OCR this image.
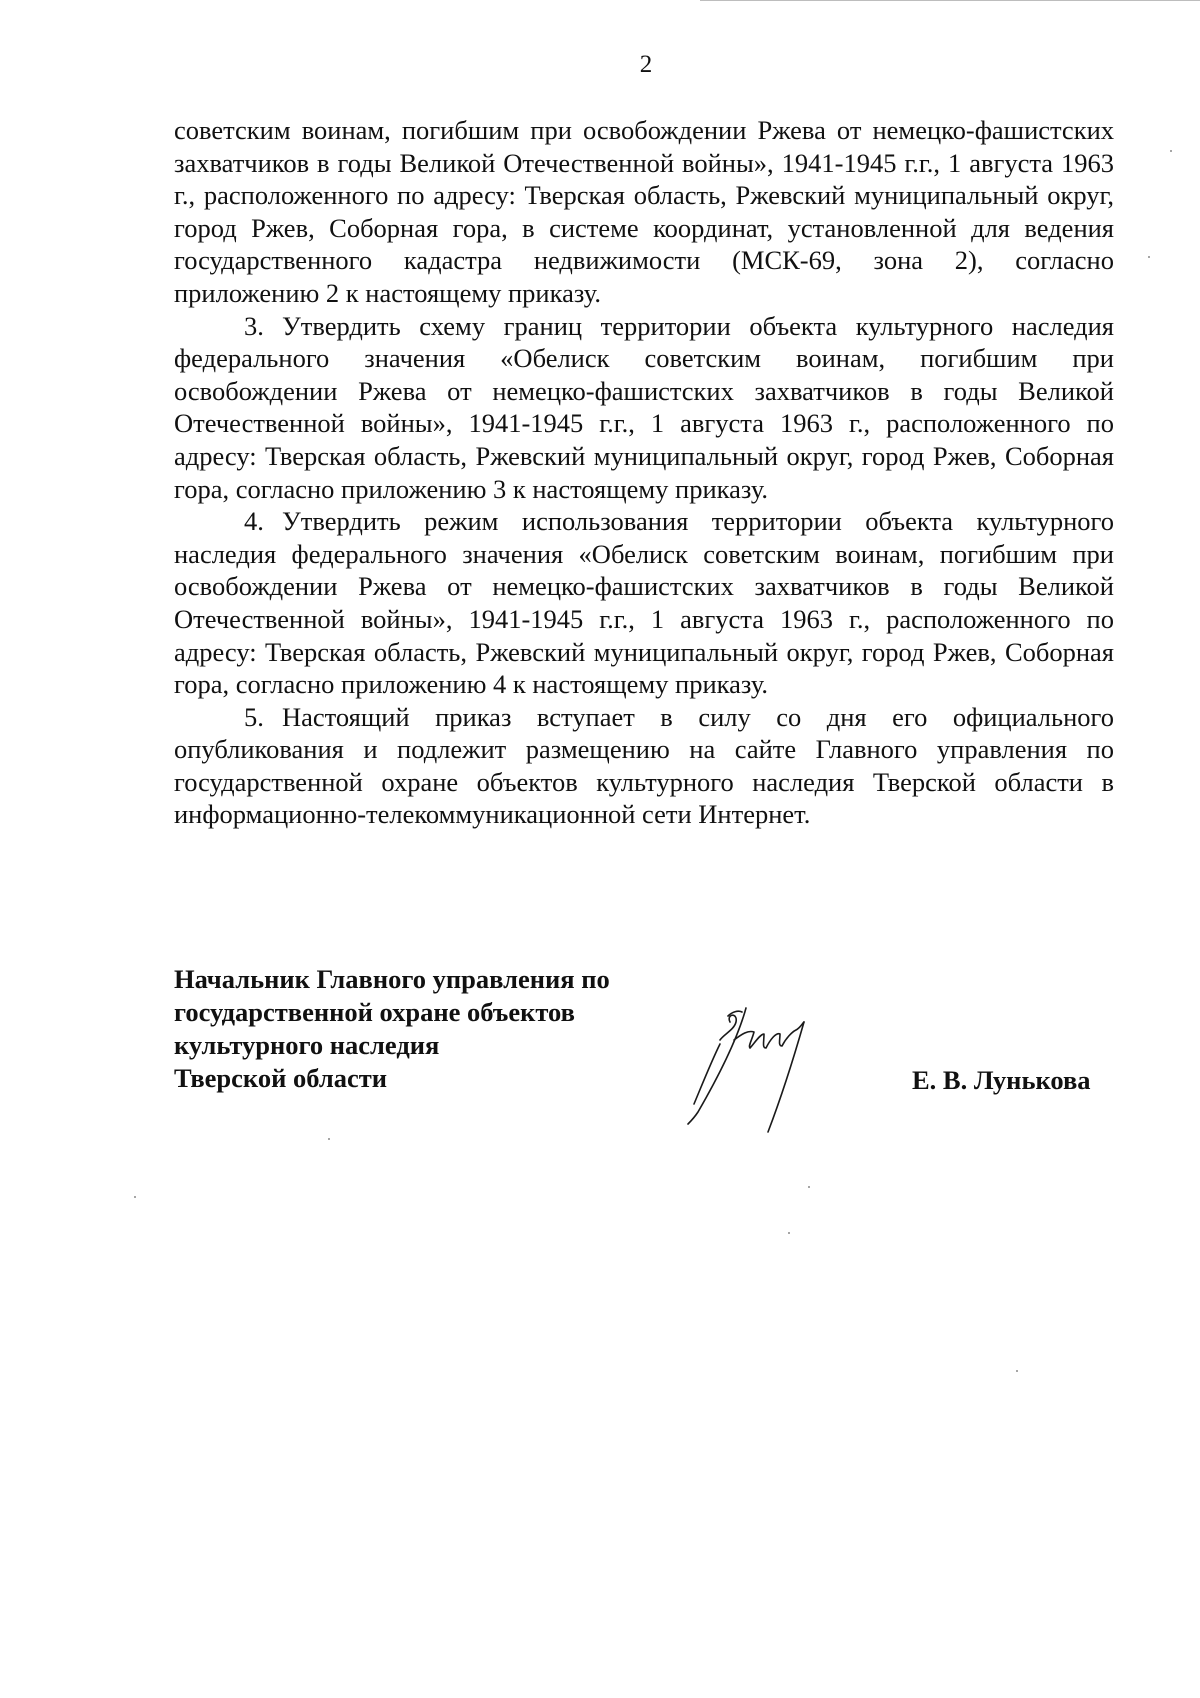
2

советским воинам, погибшим при освобождении Ржева от немецко-фашистских захватчиков в годы Великой Отечественной войны», 1941-1945 г.г., 1 августа 1963 г., расположенного по адресу: Тверская область, Ржевский муниципальный округ, город Ржев, Соборная гора, в системе координат, установленной для ведения государственного кадастра недвижимости (МСК-69, зона 2), согласно приложению 2 к настоящему приказу.

3. Утвердить схему границ территории объекта культурного наследия федерального значения «Обелиск советским воинам, погибшим при освобождении Ржева от немецко-фашистских захватчиков в годы Великой Отечественной войны», 1941-1945 г.г., 1 августа 1963 г., расположенного по адресу: Тверская область, Ржевский муниципальный округ, город Ржев, Соборная гора, согласно приложению 3 к настоящему приказу.

4. Утвердить режим использования территории объекта культурного наследия федерального значения «Обелиск советским воинам, погибшим при освобождении Ржева от немецко-фашистских захватчиков в годы Великой Отечественной войны», 1941-1945 г.г., 1 августа 1963 г., расположенного по адресу: Тверская область, Ржевский муниципальный округ, город Ржев, Соборная гора, согласно приложению 4 к настоящему приказу.

5. Настоящий приказ вступает в силу со дня его официального опубликования и подлежит размещению на сайте Главного управления по государственной охране объектов культурного наследия Тверской области в информационно-телекоммуникационной сети Интернет.

Начальник Главного управления по
государственной охране объектов
культурного наследия
Тверской области	Е. В. Лунькова
